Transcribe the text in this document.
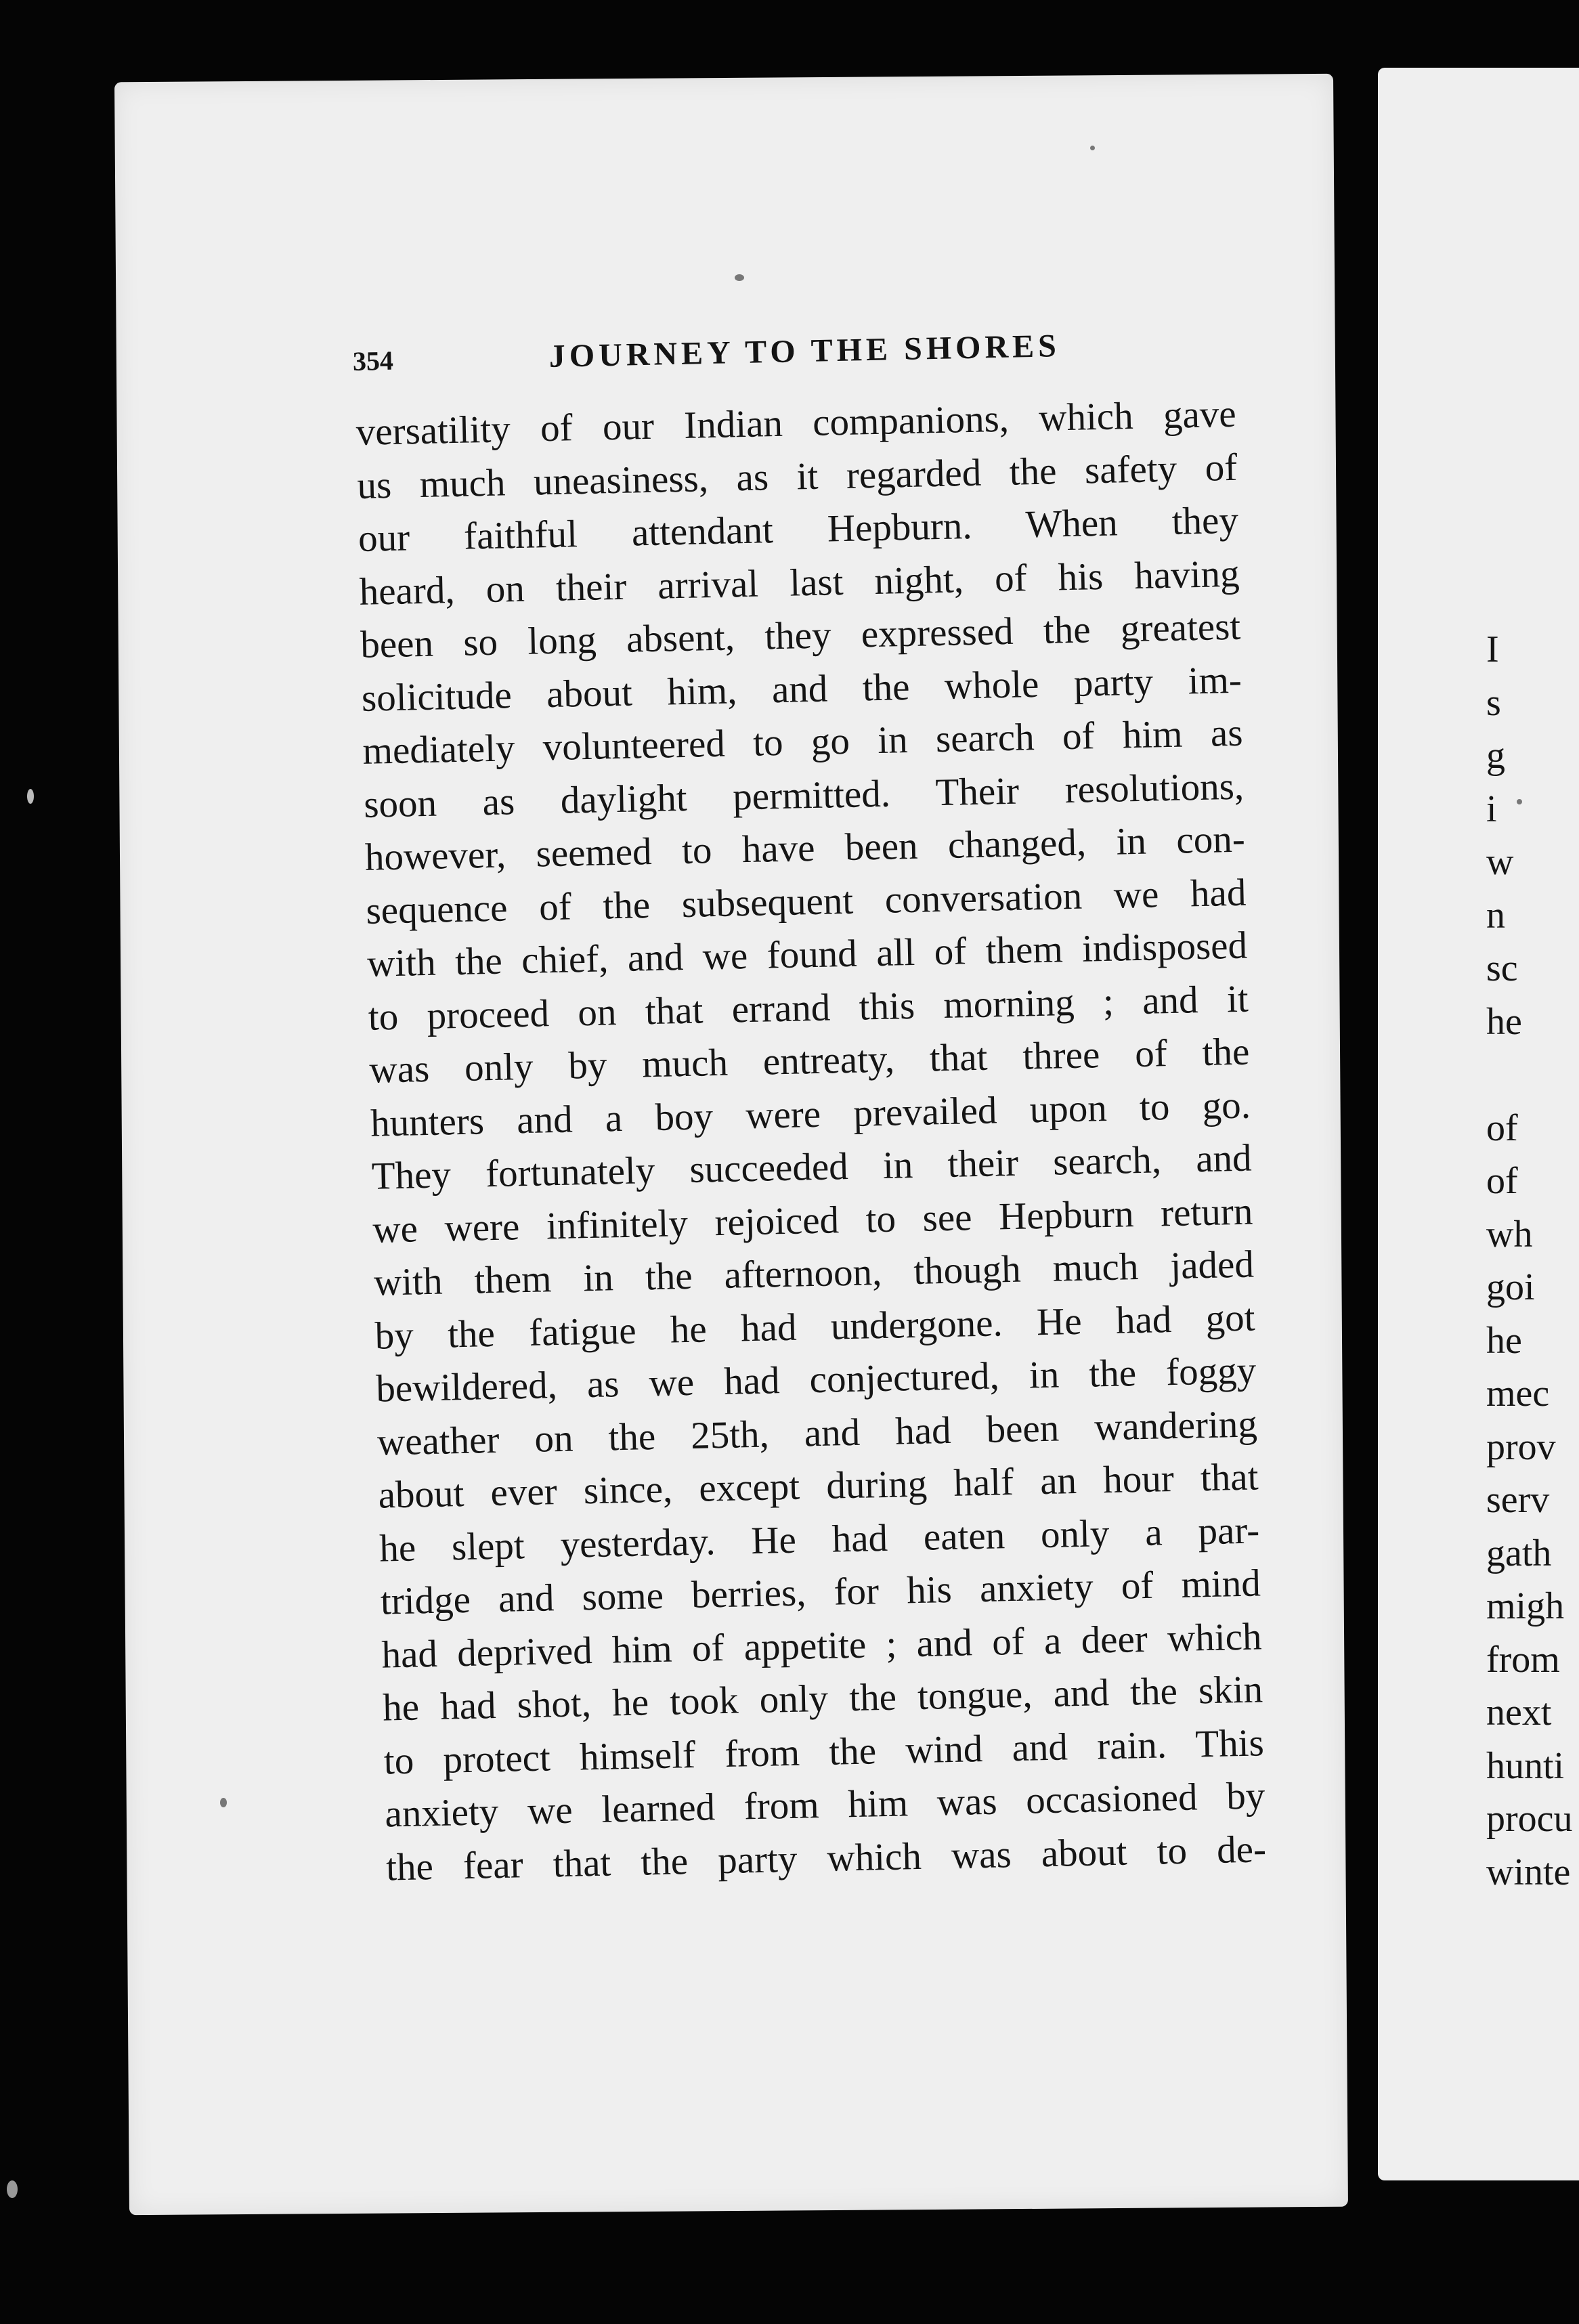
354	JOURNEY TO THE SHORES
versatility of our Indian companions, which gave
us much uneasiness, as it regarded the safety of
our faithful attendant Hepburn. When they
heard, on their arrival last night, of his having
been so long absent, they expressed the greatest
solicitude about him, and the whole party im-
mediately volunteered to go in search of him as
soon as daylight permitted. Their resolutions,
however, seemed to have been changed, in con-
sequence of the subsequent conversation we had
with the chief, and we found all of them indisposed
to proceed on that errand this morning ; and it
was only by much entreaty, that three of the
hunters and a boy were prevailed upon to go.
They fortunately succeeded in their search, and
we were infinitely rejoiced to see Hepburn return
with them in the afternoon, though much jaded
by the fatigue he had undergone. He had got
bewildered, as we had conjectured, in the foggy
weather on the 25th, and had been wandering
about ever since, except during half an hour that
he slept yesterday. He had eaten only a par-
tridge and some berries, for his anxiety of mind
had deprived him of appetite ; and of a deer which
he had shot, he took only the tongue, and the skin
to protect himself from the wind and rain. This
anxiety we learned from him was occasioned by
the fear that the party which was about to de-
I
s
g
i
w
n
sc
he
of
of
wh
goi
he
mec
prov
serv
gath
migh
from
next
hunti
procu
winte
